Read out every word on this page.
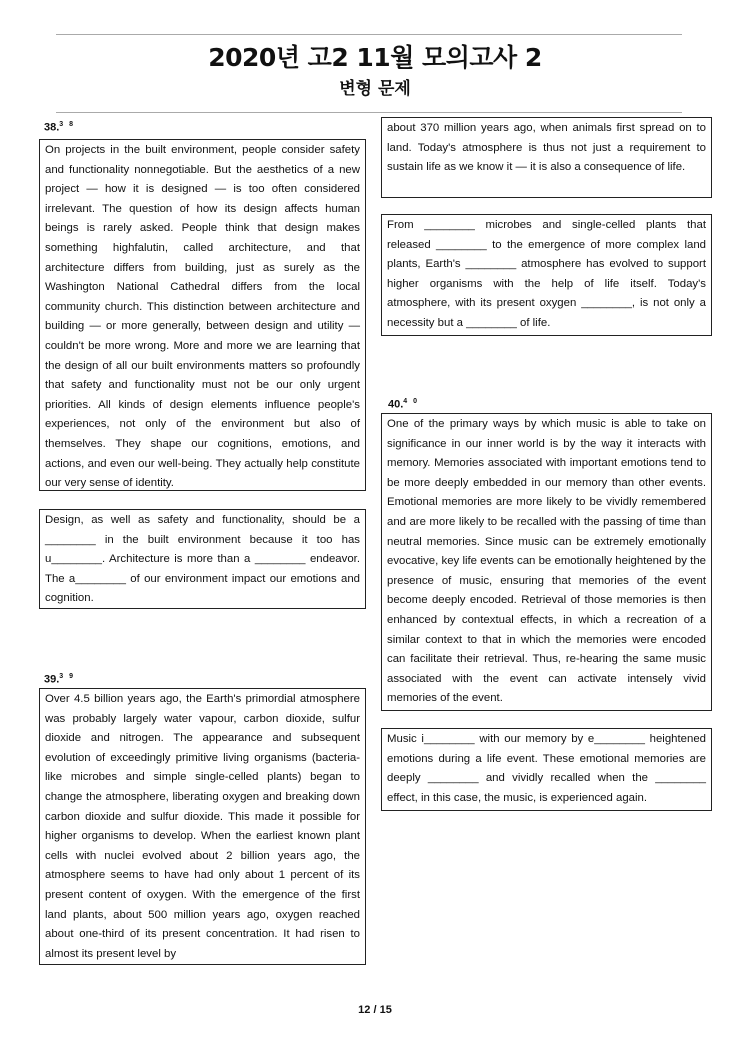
2020년 고2 11월 모의고사 2
변형 문제
38.$^{3 8}$
On projects in the built environment, people consider safety and functionality nonnegotiable. But the aesthetics of a new project — how it is designed — is too often considered irrelevant. The question of how its design affects human beings is rarely asked. People think that design makes something highfalutin, called architecture, and that architecture differs from building, just as surely as the Washington National Cathedral differs from the local community church. This distinction between architecture and building — or more generally, between design and utility — couldn't be more wrong. More and more we are learning that the design of all our built environments matters so profoundly that safety and functionality must not be our only urgent priorities. All kinds of design elements influence people's experiences, not only of the environment but also of themselves. They shape our cognitions, emotions, and actions, and even our well-being. They actually help constitute our very sense of identity.
Design, as well as safety and functionality, should be a ________ in the built environment because it too has u________. Architecture is more than a ________ endeavor. The a________ of our environment impact our emotions and cognition.
39.$^{3 9}$
Over 4.5 billion years ago, the Earth's primordial atmosphere was probably largely water vapour, carbon dioxide, sulfur dioxide and nitrogen. The appearance and subsequent evolution of exceedingly primitive living organisms (bacteria-like microbes and simple single-celled plants) began to change the atmosphere, liberating oxygen and breaking down carbon dioxide and sulfur dioxide. This made it possible for higher organisms to develop. When the earliest known plant cells with nuclei evolved about 2 billion years ago, the atmosphere seems to have had only about 1 percent of its present content of oxygen. With the emergence of the first land plants, about 500 million years ago, oxygen reached about one-third of its present concentration. It had risen to almost its present level by
about 370 million years ago, when animals first spread on to land. Today's atmosphere is thus not just a requirement to sustain life as we know it — it is also a consequence of life.
From ________ microbes and single-celled plants that released ________ to the emergence of more complex land plants, Earth's ________ atmosphere has evolved to support higher organisms with the help of life itself. Today's atmosphere, with its present oxygen ________, is not only a necessity but a ________ of life.
40.$^{4 0}$
One of the primary ways by which music is able to take on significance in our inner world is by the way it interacts with memory. Memories associated with important emotions tend to be more deeply embedded in our memory than other events. Emotional memories are more likely to be vividly remembered and are more likely to be recalled with the passing of time than neutral memories. Since music can be extremely emotionally evocative, key life events can be emotionally heightened by the presence of music, ensuring that memories of the event become deeply encoded. Retrieval of those memories is then enhanced by contextual effects, in which a recreation of a similar context to that in which the memories were encoded can facilitate their retrieval. Thus, re-hearing the same music associated with the event can activate intensely vivid memories of the event.
Music i________ with our memory by e________ heightened emotions during a life event. These emotional memories are deeply ________ and vividly recalled when the ________ effect, in this case, the music, is experienced again.
12 / 15
